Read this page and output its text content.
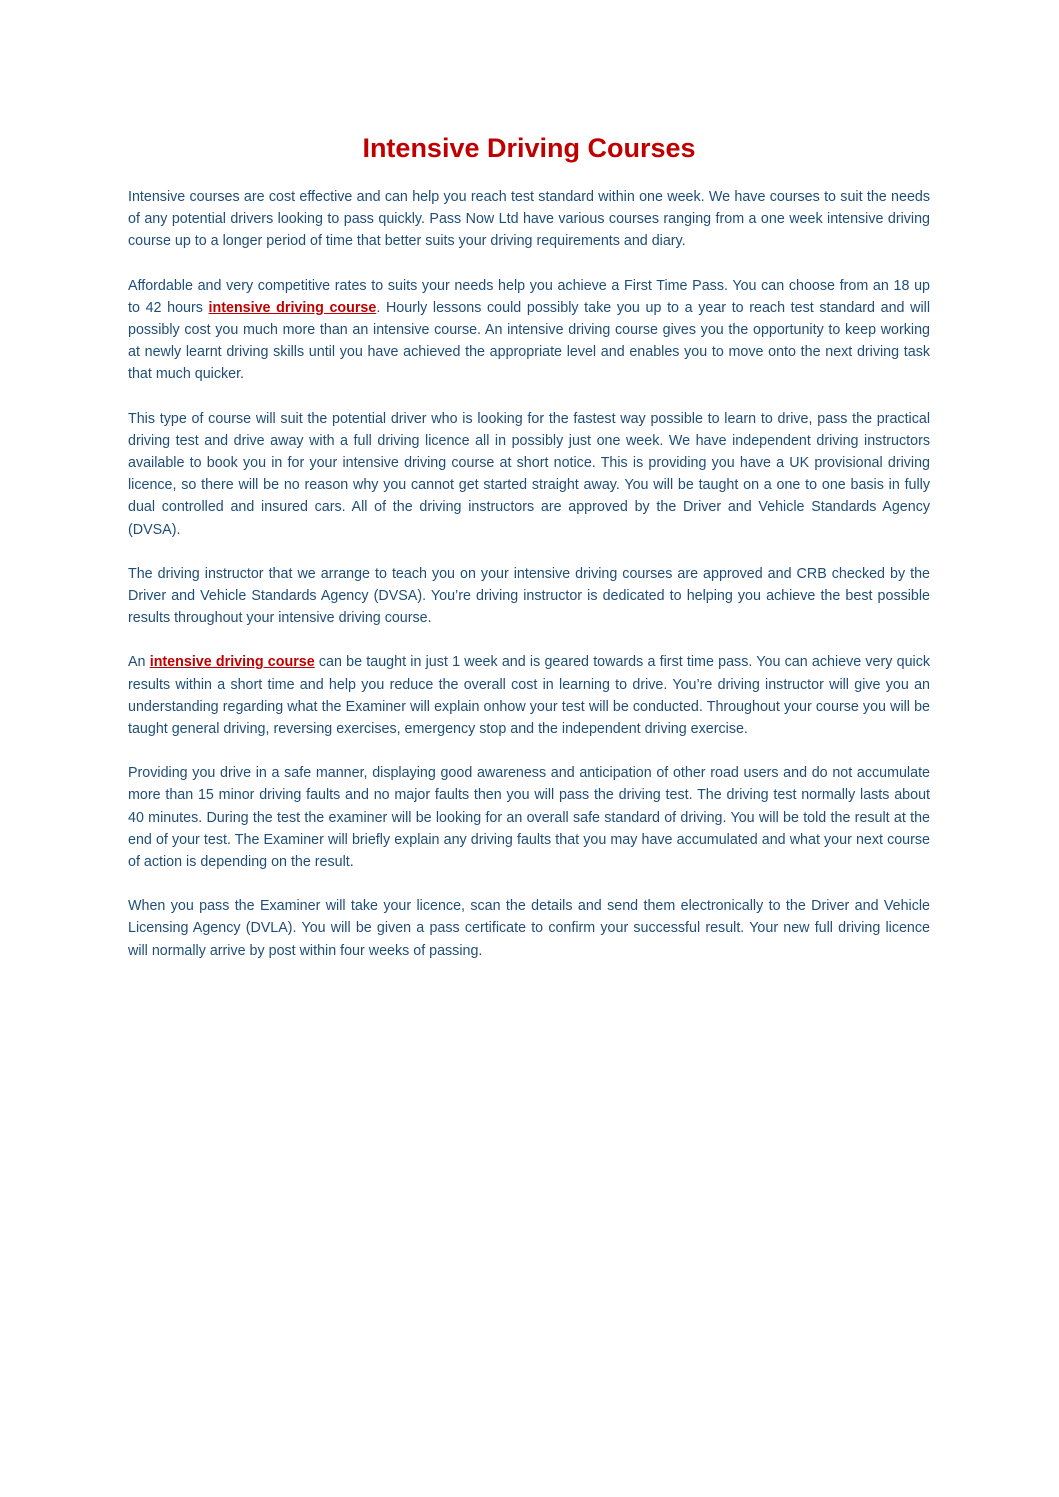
Intensive Driving Courses

Intensive courses are cost effective and can help you reach test standard within one week. We have courses to suit the needs of any potential drivers looking to pass quickly. Pass Now Ltd have various courses ranging from a one week intensive driving course up to a longer period of time that better suits your driving requirements and diary.

Affordable and very competitive rates to suits your needs help you achieve a First Time Pass. You can choose from an 18 up to 42 hours intensive driving course. Hourly lessons could possibly take you up to a year to reach test standard and will possibly cost you much more than an intensive course. An intensive driving course gives you the opportunity to keep working at newly learnt driving skills until you have achieved the appropriate level and enables you to move onto the next driving task that much quicker.

This type of course will suit the potential driver who is looking for the fastest way possible to learn to drive, pass the practical driving test and drive away with a full driving licence all in possibly just one week. We have independent driving instructors available to book you in for your intensive driving course at short notice. This is providing you have a UK provisional driving licence, so there will be no reason why you cannot get started straight away. You will be taught on a one to one basis in fully dual controlled and insured cars. All of the driving instructors are approved by the Driver and Vehicle Standards Agency (DVSA).

The driving instructor that we arrange to teach you on your intensive driving courses are approved and CRB checked by the Driver and Vehicle Standards Agency (DVSA). You’re driving instructor is dedicated to helping you achieve the best possible results throughout your intensive driving course.

An intensive driving course can be taught in just 1 week and is geared towards a first time pass. You can achieve very quick results within a short time and help you reduce the overall cost in learning to drive. You’re driving instructor will give you an understanding regarding what the Examiner will explain onhow your test will be conducted. Throughout your course you will be taught general driving, reversing exercises, emergency stop and the independent driving exercise.

Providing you drive in a safe manner, displaying good awareness and anticipation of other road users and do not accumulate more than 15 minor driving faults and no major faults then you will pass the driving test. The driving test normally lasts about 40 minutes. During the test the examiner will be looking for an overall safe standard of driving. You will be told the result at the end of your test. The Examiner will briefly explain any driving faults that you may have accumulated and what your next course of action is depending on the result.

When you pass the Examiner will take your licence, scan the details and send them electronically to the Driver and Vehicle Licensing Agency (DVLA). You will be given a pass certificate to confirm your successful result. Your new full driving licence will normally arrive by post within four weeks of passing.
